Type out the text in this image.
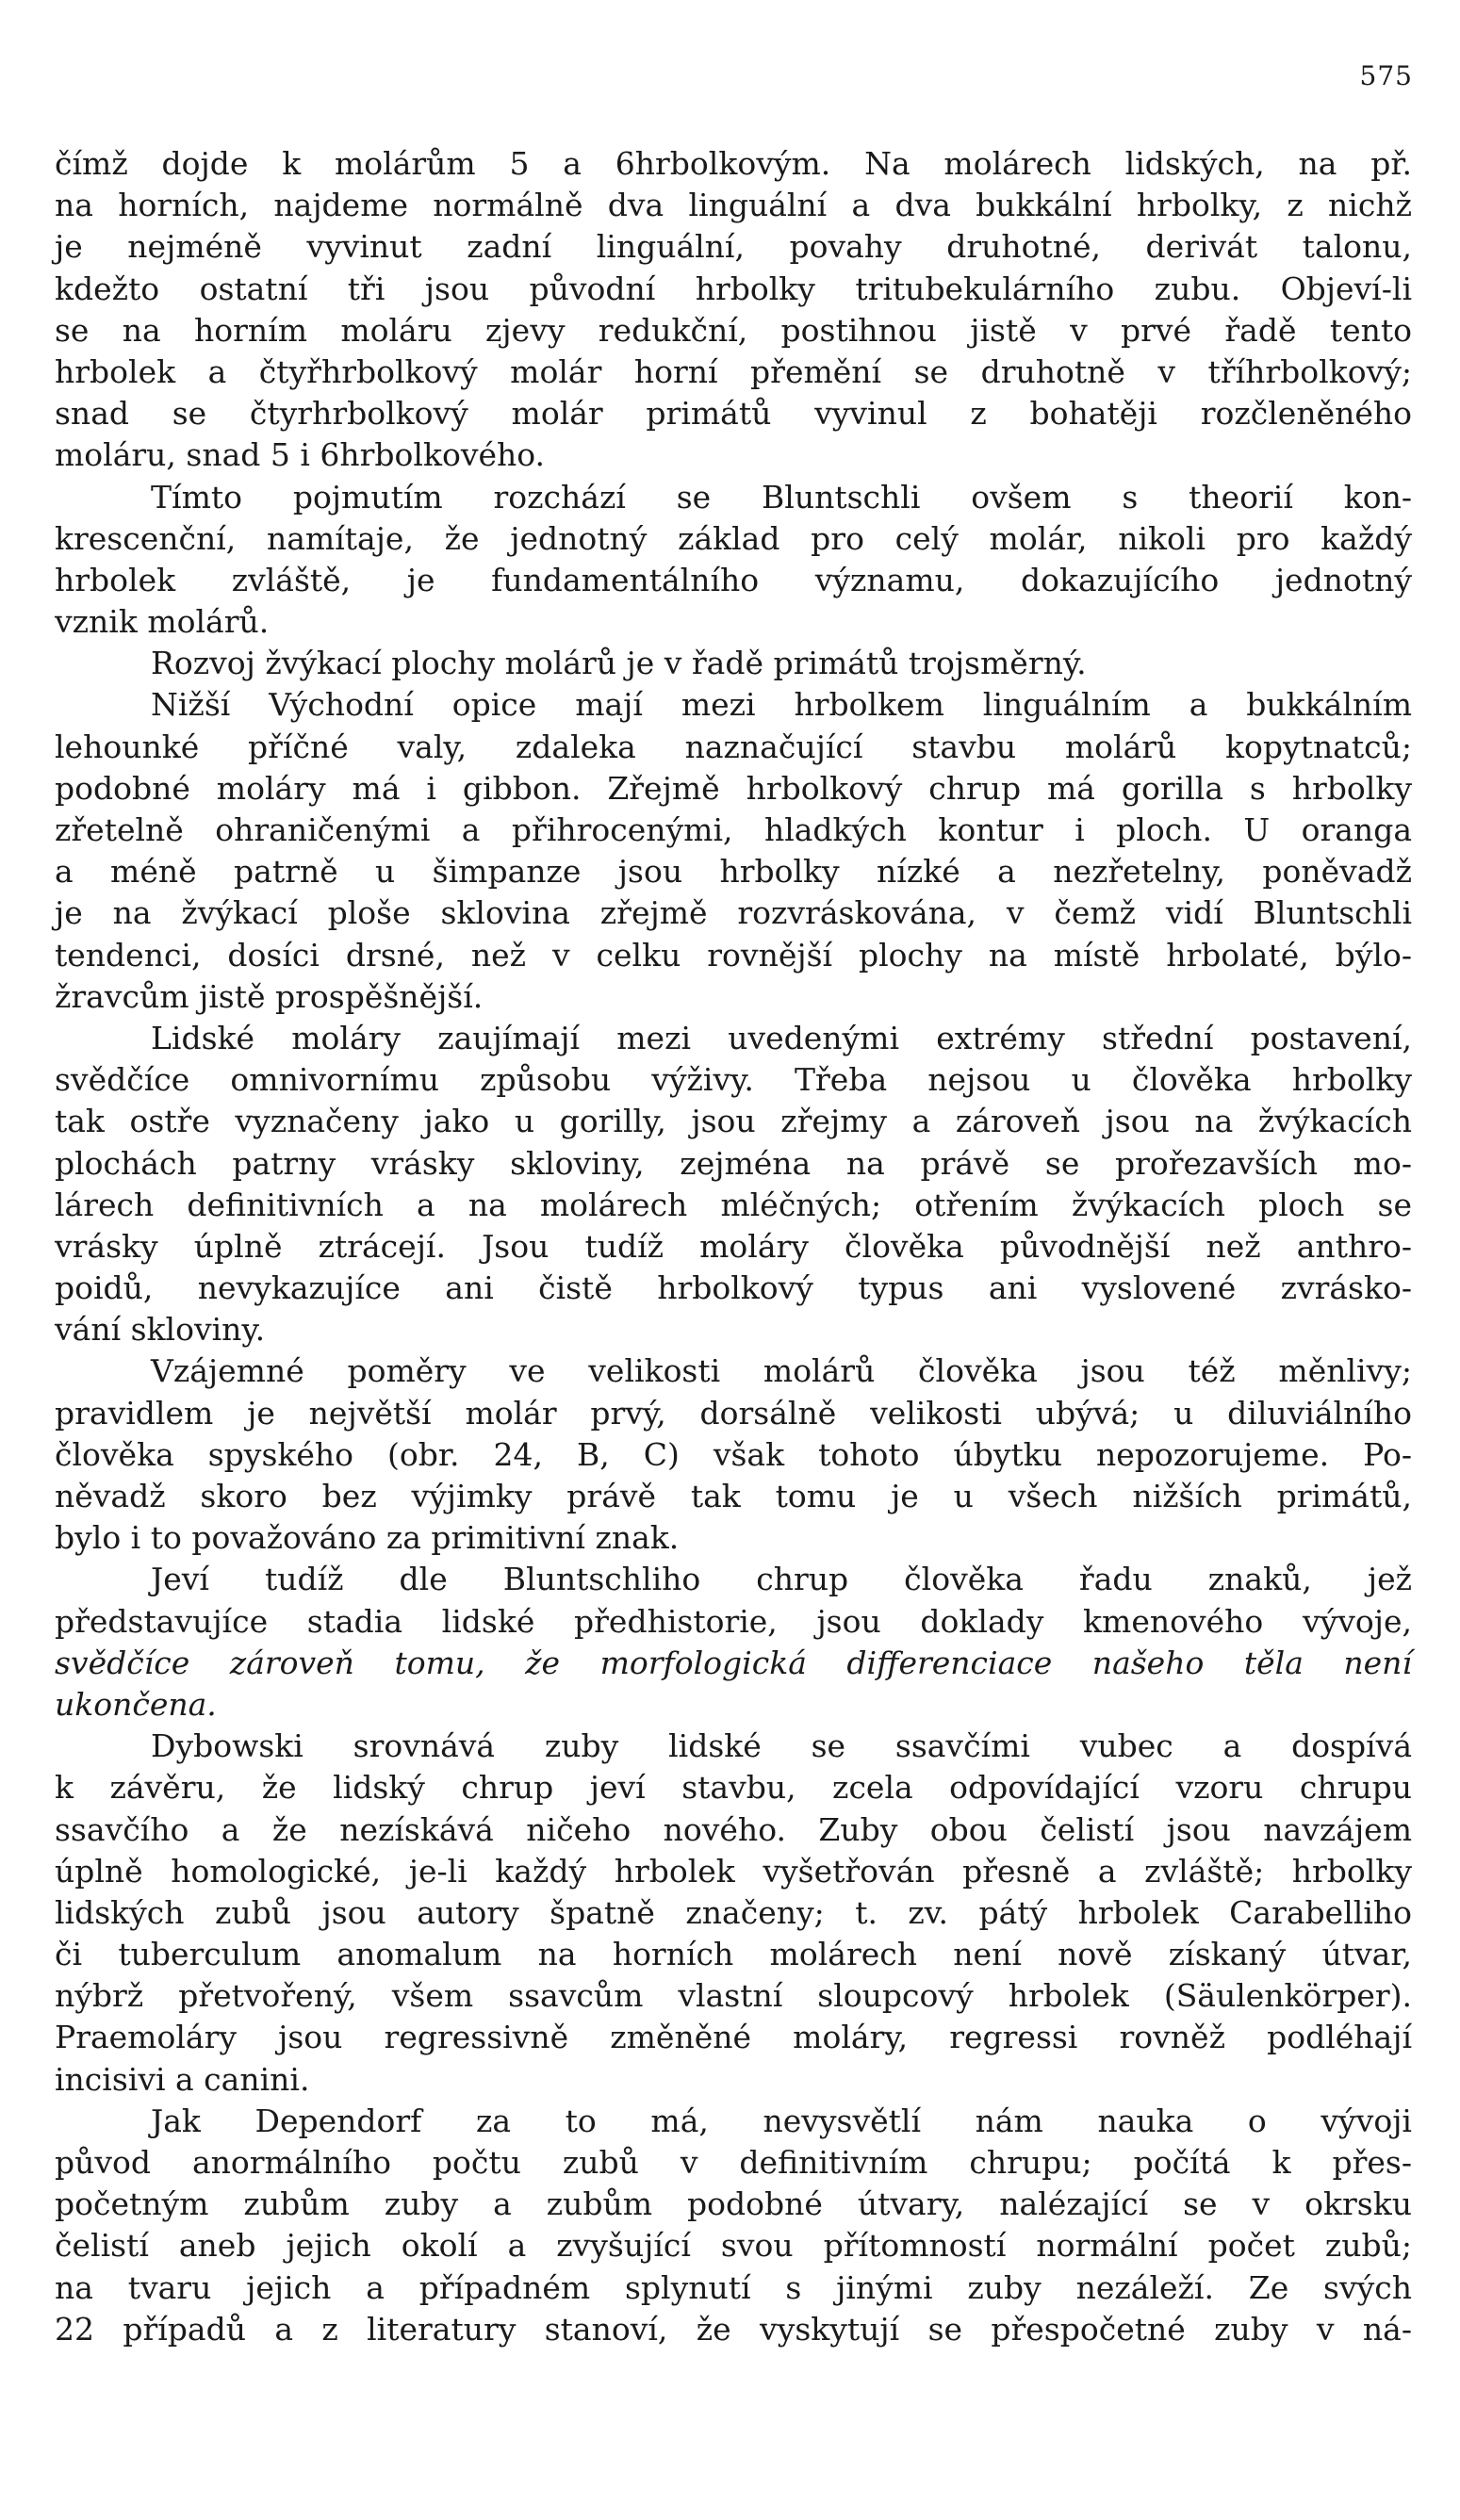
575
čímž dojde k molárům 5 a 6hrbolkovým. Na molárech lidských, na př.
na horních, najdeme normálně dva linguální a dva bukkální hrbolky, z nichž
je nejméně vyvinut zadní linguální, povahy druhotné, derivát talonu,
kdežto ostatní tři jsou původní hrbolky tritubekulárního zubu. Objeví-li
se na horním moláru zjevy redukční, postihnou jistě v prvé řadě tento
hrbolek a čtyřhrbolkový molár horní přemění se druhotně v tříhrbolkový;
snad se čtyrhrbolkový molár primátů vyvinul z bohatěji rozčleněného
moláru, snad 5 i 6hrbolkového.
Tímto pojmutím rozchází se Bluntschli ovšem s theorií kon-
krescenční, namítaje, že jednotný základ pro celý molár, nikoli pro každý
hrbolek zvláště, je fundamentálního významu, dokazujícího jednotný
vznik molárů.
Rozvoj žvýkací plochy molárů je v řadě primátů trojsměrný.
Nižší Východní opice mají mezi hrbolkem linguálním a bukkálním
lehounké příčné valy, zdaleka naznačující stavbu molárů kopytnatců;
podobné moláry má i gibbon. Zřejmě hrbolkový chrup má gorilla s hrbolky
zřetelně ohraničenými a přihrocenými, hladkých kontur i ploch. U oranga
a méně patrně u šimpanze jsou hrbolky nízké a nezřetelny, poněvadž
je na žvýkací ploše sklovina zřejmě rozvráskována, v čemž vidí Bluntschli
tendenci, dosíci drsné, než v celku rovnější plochy na místě hrbolaté, býlo-
žravcům jistě prospěšnější.
Lidské moláry zaujímají mezi uvedenými extrémy střední postavení,
svědčíce omnivornímu způsobu výživy. Třeba nejsou u člověka hrbolky
tak ostře vyznačeny jako u gorilly, jsou zřejmy a zároveň jsou na žvýkacích
plochách patrny vrásky skloviny, zejména na právě se prořezavších mo-
lárech definitivních a na molárech mléčných; otřením žvýkacích ploch se
vrásky úplně ztrácejí. Jsou tudíž moláry člověka původnější než anthro-
poidů, nevykazujíce ani čistě hrbolkový typus ani vyslovené zvrásko-
vání skloviny.
Vzájemné poměry ve velikosti molárů člověka jsou též měnlivy;
pravidlem je největší molár prvý, dorsálně velikosti ubývá; u diluviálního
člověka spyského (obr. 24, B, C) však tohoto úbytku nepozorujeme. Po-
něvadž skoro bez výjimky právě tak tomu je u všech nižších primátů,
bylo i to považováno za primitivní znak.
Jeví tudíž dle Bluntschliho chrup člověka řadu znaků, jež
představujíce stadia lidské předhistorie, jsou doklady kmenového vývoje,
svědčíce zároveň tomu, že morfologická differenciace našeho těla není
ukončena.
Dybowski srovnává zuby lidské se ssavčími vubec a dospívá
k závěru, že lidský chrup jeví stavbu, zcela odpovídající vzoru chrupu
ssavčího a že nezískává ničeho nového. Zuby obou čelistí jsou navzájem
úplně homologické, je-li každý hrbolek vyšetřován přesně a zvláště; hrbolky
lidských zubů jsou autory špatně značeny; t. zv. pátý hrbolek Carabelliho
či tuberculum anomalum na horních molárech není nově získaný útvar,
nýbrž přetvořený, všem ssavcům vlastní sloupcový hrbolek (Säulenkörper).
Praemoláry jsou regressivně změněné moláry, regressi rovněž podléhají
incisivi a canini.
Jak Dependorf za to má, nevysvětlí nám nauka o vývoji
původ anormálního počtu zubů v definitivním chrupu; počítá k přes-
početným zubům zuby a zubům podobné útvary, nalézající se v okrsku
čelistí aneb jejich okolí a zvyšující svou přítomností normální počet zubů;
na tvaru jejich a případném splynutí s jinými zuby nezáleží. Ze svých
22 případů a z literatury stanoví, že vyskytují se přespočetné zuby v ná-
